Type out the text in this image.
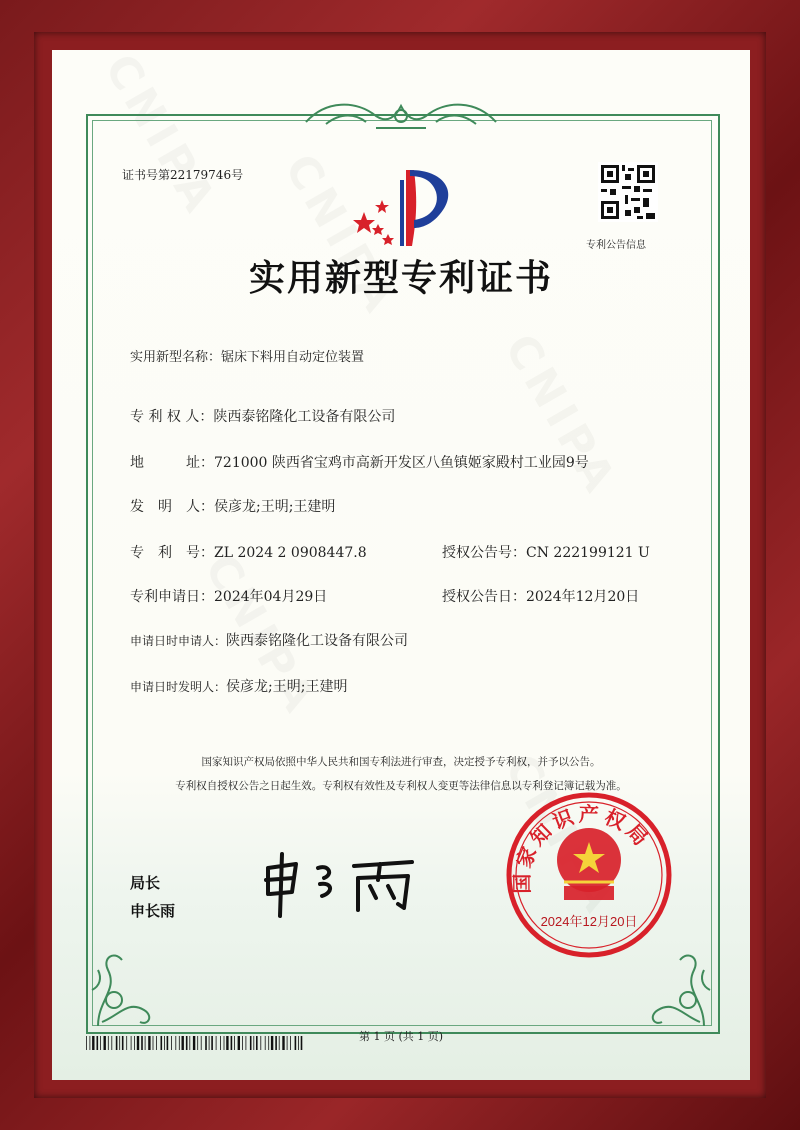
证书号第22179746号
专利公告信息
实用新型专利证书
实用新型名称：锯床下料用自动定位装置
专 利 权 人：陕西泰铭隆化工设备有限公司
地　　　址：721000 陕西省宝鸡市高新开发区八鱼镇姬家殿村工业园9号
发　明　人：侯彦龙;王明;王建明
专　利　号：ZL 2024 2 0908447.8	授权公告号：CN 222199121 U
专利申请日：2024年04月29日	授权公告日：2024年12月20日
申请日时申请人：陕西泰铭隆化工设备有限公司
申请日时发明人：侯彦龙;王明;王建明
国家知识产权局依照中华人民共和国专利法进行审查，决定授予专利权，并予以公告。
专利权自授权公告之日起生效。专利权有效性及专利权人变更等法律信息以专利登记簿记载为准。
局长
申长雨
国家知识产权局
2024年12月20日
第 1 页 (共 1 页)
